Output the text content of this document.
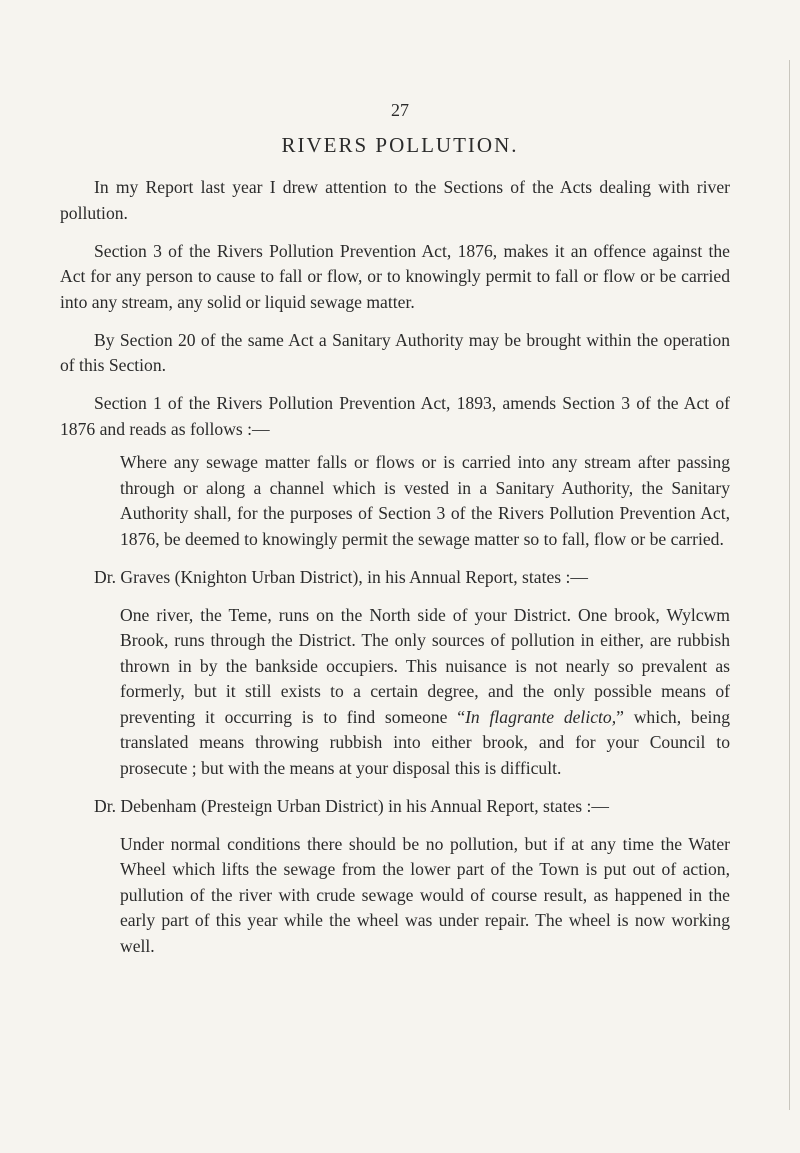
27
RIVERS POLLUTION.

In my Report last year I drew attention to the Sections of the Acts dealing with river pollution.

Section 3 of the Rivers Pollution Prevention Act, 1876, makes it an offence against the Act for any person to cause to fall or flow, or to knowingly permit to fall or flow or be carried into any stream, any solid or liquid sewage matter.

By Section 20 of the same Act a Sanitary Authority may be brought within the operation of this Section.

Section 1 of the Rivers Pollution Prevention Act, 1893, amends Section 3 of the Act of 1876 and reads as follows :—

Where any sewage matter falls or flows or is carried into any stream after passing through or along a channel which is vested in a Sanitary Authority, the Sanitary Authority shall, for the purposes of Section 3 of the Rivers Pollution Prevention Act, 1876, be deemed to knowingly permit the sewage matter so to fall, flow or be carried.

Dr. Graves (Knighton Urban District), in his Annual Report, states :—

One river, the Teme, runs on the North side of your District. One brook, Wylcwm Brook, runs through the District. The only sources of pollution in either, are rubbish thrown in by the bankside occupiers. This nuisance is not nearly so prevalent as formerly, but it still exists to a certain degree, and the only possible means of preventing it occurring is to find someone “In flagrante delicto,” which, being translated means throwing rubbish into either brook, and for your Council to prosecute ; but with the means at your disposal this is difficult.

Dr. Debenham (Presteign Urban District) in his Annual Report, states :—

Under normal conditions there should be no pollution, but if at any time the Water Wheel which lifts the sewage from the lower part of the Town is put out of action, pullution of the river with crude sewage would of course result, as happened in the early part of this year while the wheel was under repair. The wheel is now working well.
